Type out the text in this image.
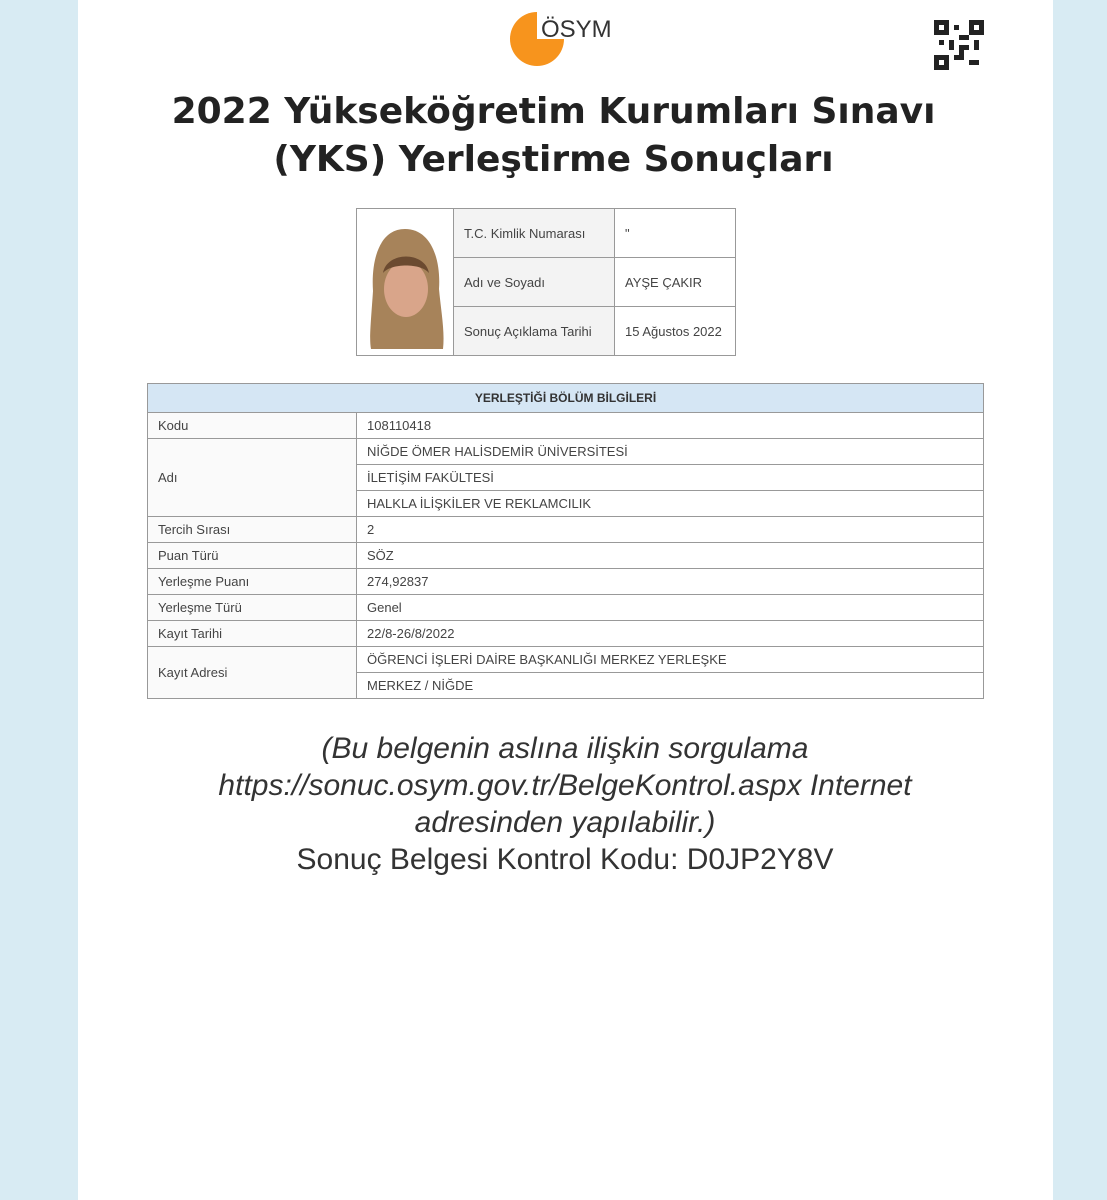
ÖSYM
2022 Yükseköğretim Kurumları Sınavı
(YKS) Yerleştirme Sonuçları
	T.C. Kimlik Numarası	"
	Adı ve Soyadı	AYŞE ÇAKIR
	Sonuç Açıklama Tarihi	15 Ağustos 2022
YERLEŞTİĞİ BÖLÜM BİLGİLERİ	
Kodu	108110418
Adı	NİĞDE ÖMER HALİSDEMİR ÜNİVERSİTESİ
	İLETİŞİM FAKÜLTESİ
	HALKLA İLİŞKİLER VE REKLAMCILIK
Tercih Sırası	2
Puan Türü	SÖZ
Yerleşme Puanı	274,92837
Yerleşme Türü	Genel
Kayıt Tarihi	22/8-26/8/2022
Kayıt Adresi	ÖĞRENCİ İŞLERİ DAİRE BAŞKANLIĞI MERKEZ YERLEŞKE
	MERKEZ / NİĞDE
(Bu belgenin aslına ilişkin sorgulama
https://sonuc.osym.gov.tr/BelgeKontrol.aspx Internet
adresinden yapılabilir.)
Sonuç Belgesi Kontrol Kodu: D0JP2Y8V
